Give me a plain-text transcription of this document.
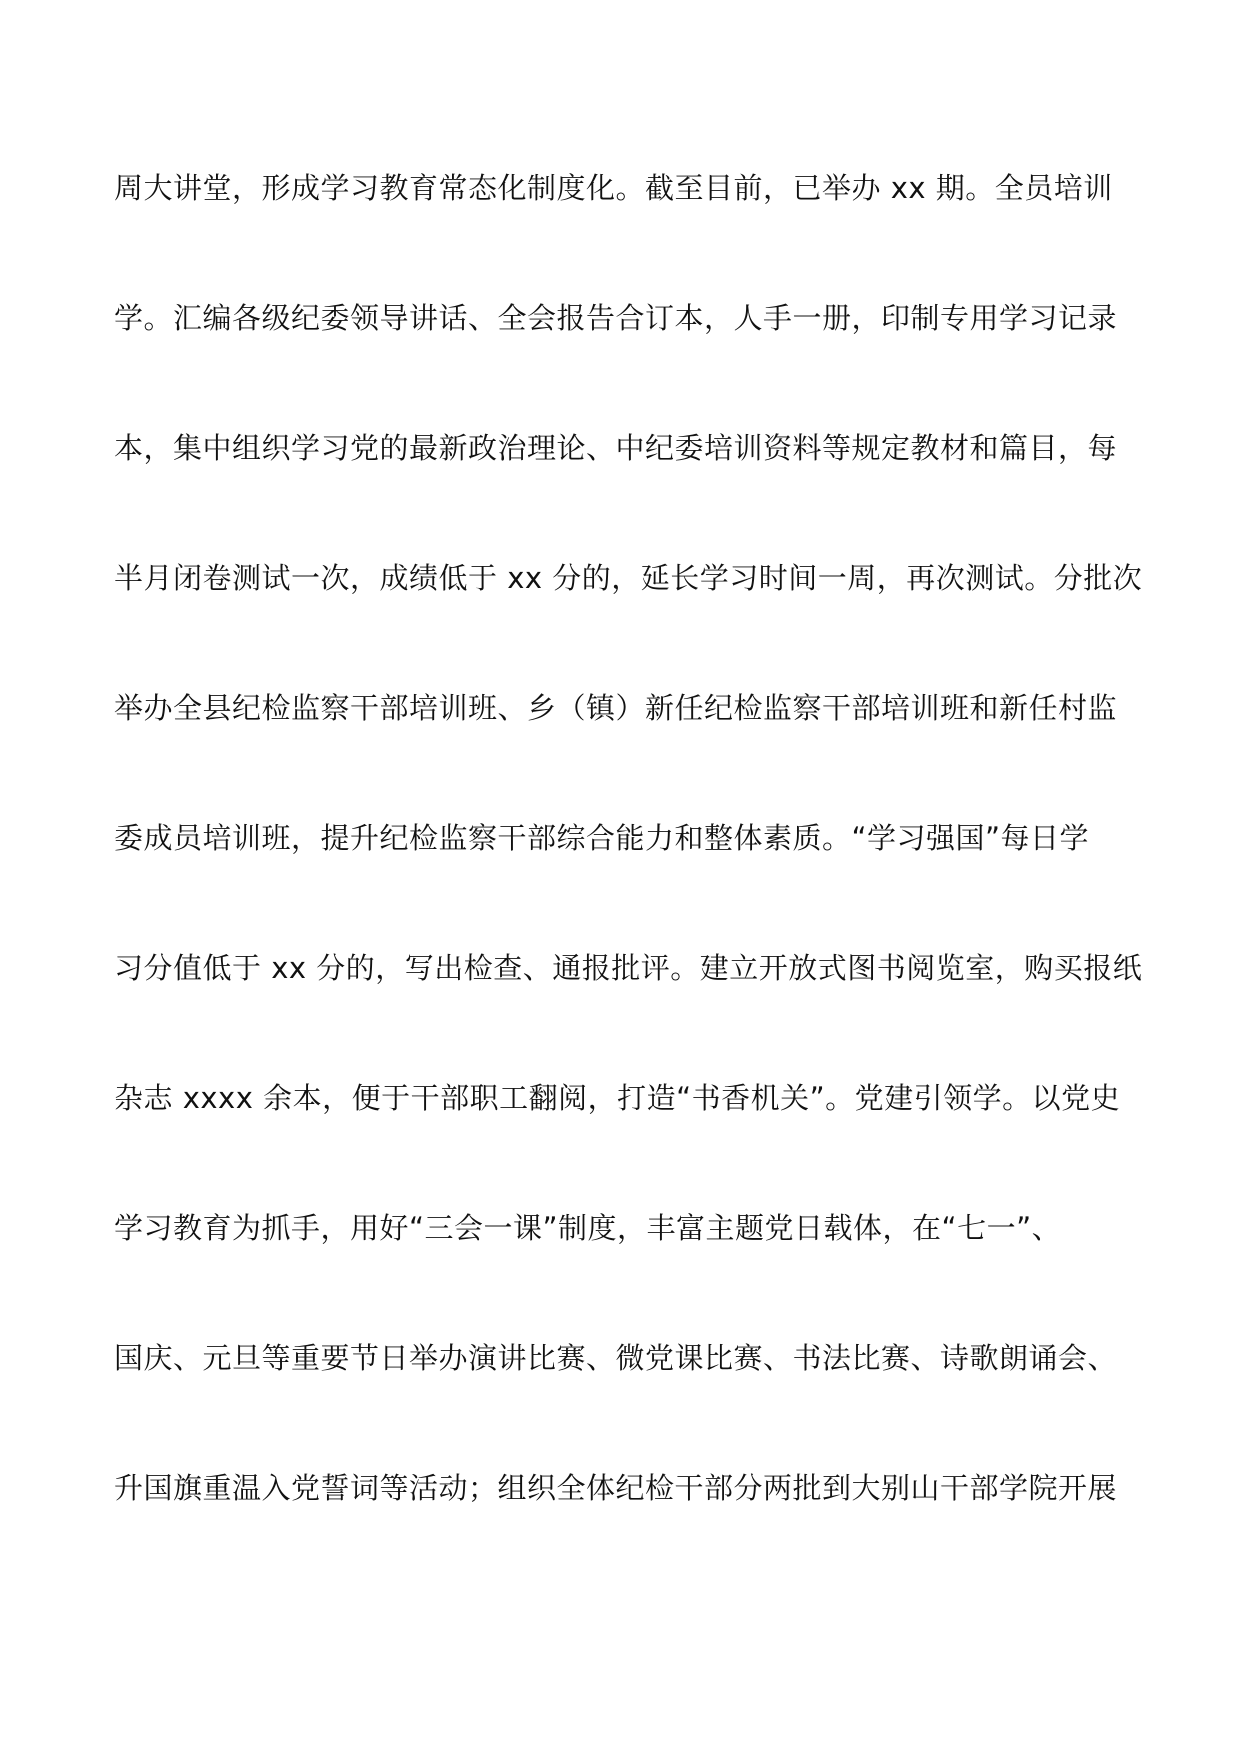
周大讲堂，形成学习教育常态化制度化。截至目前，已举办 xx 期。全员培训
学。汇编各级纪委领导讲话、全会报告合订本，人手一册，印制专用学习记录
本，集中组织学习党的最新政治理论、中纪委培训资料等规定教材和篇目，每
半月闭卷测试一次，成绩低于 xx 分的，延长学习时间一周，再次测试。分批次
举办全县纪检监察干部培训班、乡（镇）新任纪检监察干部培训班和新任村监
委成员培训班，提升纪检监察干部综合能力和整体素质。“学习强国”每日学
习分值低于 xx 分的，写出检查、通报批评。建立开放式图书阅览室，购买报纸
杂志 xxxx 余本，便于干部职工翻阅，打造“书香机关”。党建引领学。以党史
学习教育为抓手，用好“三会一课”制度，丰富主题党日载体，在“七一”、
国庆、元旦等重要节日举办演讲比赛、微党课比赛、书法比赛、诗歌朗诵会、
升国旗重温入党誓词等活动；组织全体纪检干部分两批到大别山干部学院开展
